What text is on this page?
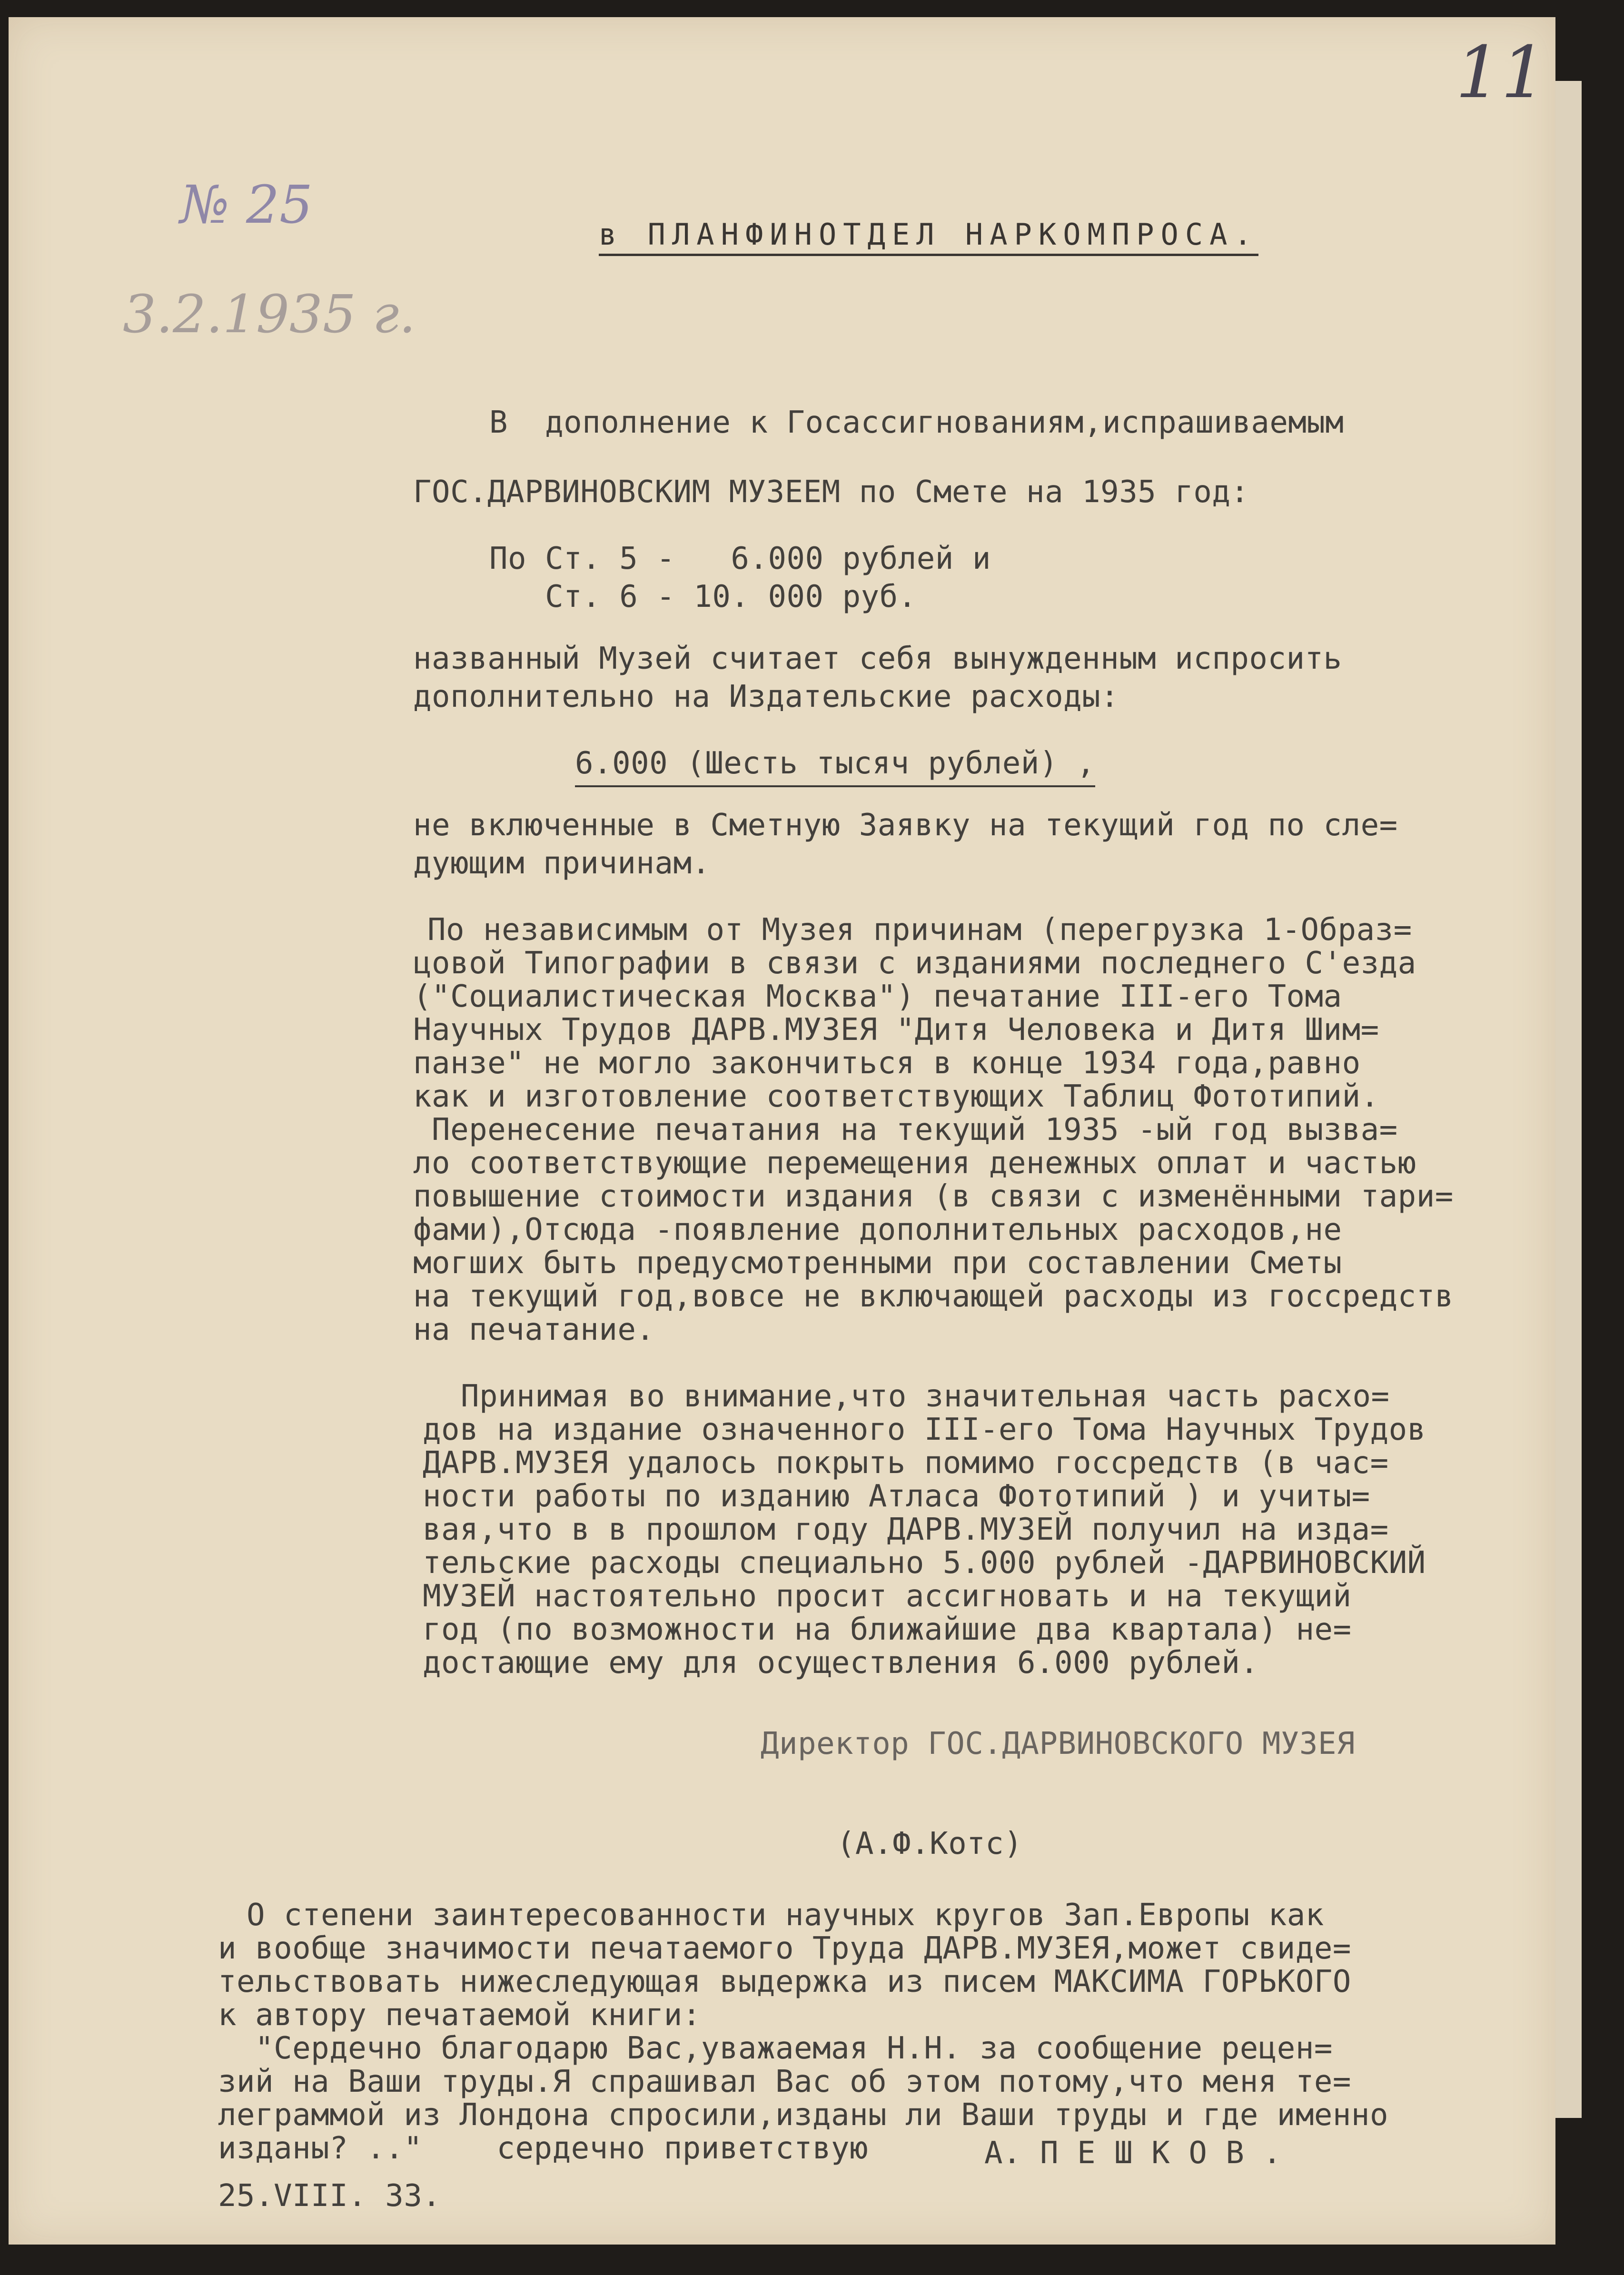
11
№ 25
3.2.1935 г.
в ПЛАНФИНОТДЕЛ НАРКОМПРОСА.
В  дополнение к Госассигнованиям,испрашиваемым
ГОС.ДАРВИНОВСКИМ МУЗЕЕМ по Смете на 1935 год:
По Ст. 5 -   6.000 рублей и
Ст. 6 - 10. 000 руб.
названный Музей считает себя вынужденным испросить
дополнительно на Издательские расходы:
6.000 (Шесть тысяч рублей) ,
не включенные в Сметную Заявку на текущий год по сле=
дующим причинам.
По независимым от Музея причинам (перегрузка 1-Образ=
цовой Типографии в связи с изданиями последнего С'езда
("Социалистическая Москва") печатание III-его Тома
Научных Трудов ДАРВ.МУЗЕЯ "Дитя Человека и Дитя Шим=
панзе" не могло закончиться в конце 1934 года,равно
как и изготовление соответствующих Таблиц Фототипий.
Перенесение печатания на текущий 1935 -ый год вызва=
ло соответствующие перемещения денежных оплат и частью
повышение стоимости издания (в связи с изменёнными тари=
фами),Отсюда -появление дополнительных расходов,не
могших быть предусмотренными при составлении Сметы
на текущий год,вовсе не включающей расходы из госсредств
на печатание.
Принимая во внимание,что значительная часть расхо=
дов на издание означенного III-его Тома Научных Трудов
ДАРВ.МУЗЕЯ удалось покрыть помимо госсредств (в час=
ности работы по изданию Атласа Фототипий ) и учиты=
вая,что в в прошлом году ДАРВ.МУЗЕЙ получил на изда=
тельские расходы специально 5.000 рублей -ДАРВИНОВСКИЙ
МУЗЕЙ настоятельно просит ассигновать и на текущий
год (по возможности на ближайшие два квартала) не=
достающие ему для осуществления 6.000 рублей.
Директор ГОС.ДАРВИНОВСКОГО МУЗЕЯ
(А.Ф.Котс)
О степени заинтересованности научных кругов Зап.Европы как
и вообще значимости печатаемого Труда ДАРВ.МУЗЕЯ,может свиде=
тельствовать нижеследующая выдержка из писем МАКСИМА ГОРЬКОГО
к автору печатаемой книги:
"Сердечно благодарю Вас,уважаемая Н.Н. за сообщение рецен=
зий на Ваши труды.Я спрашивал Вас об этом потому,что меня те=
леграммой из Лондона спросили,изданы ли Ваши труды и где именно
изданы? .."    сердечно приветствую	А. П Е Ш К О В .
25.VIII. 33.
